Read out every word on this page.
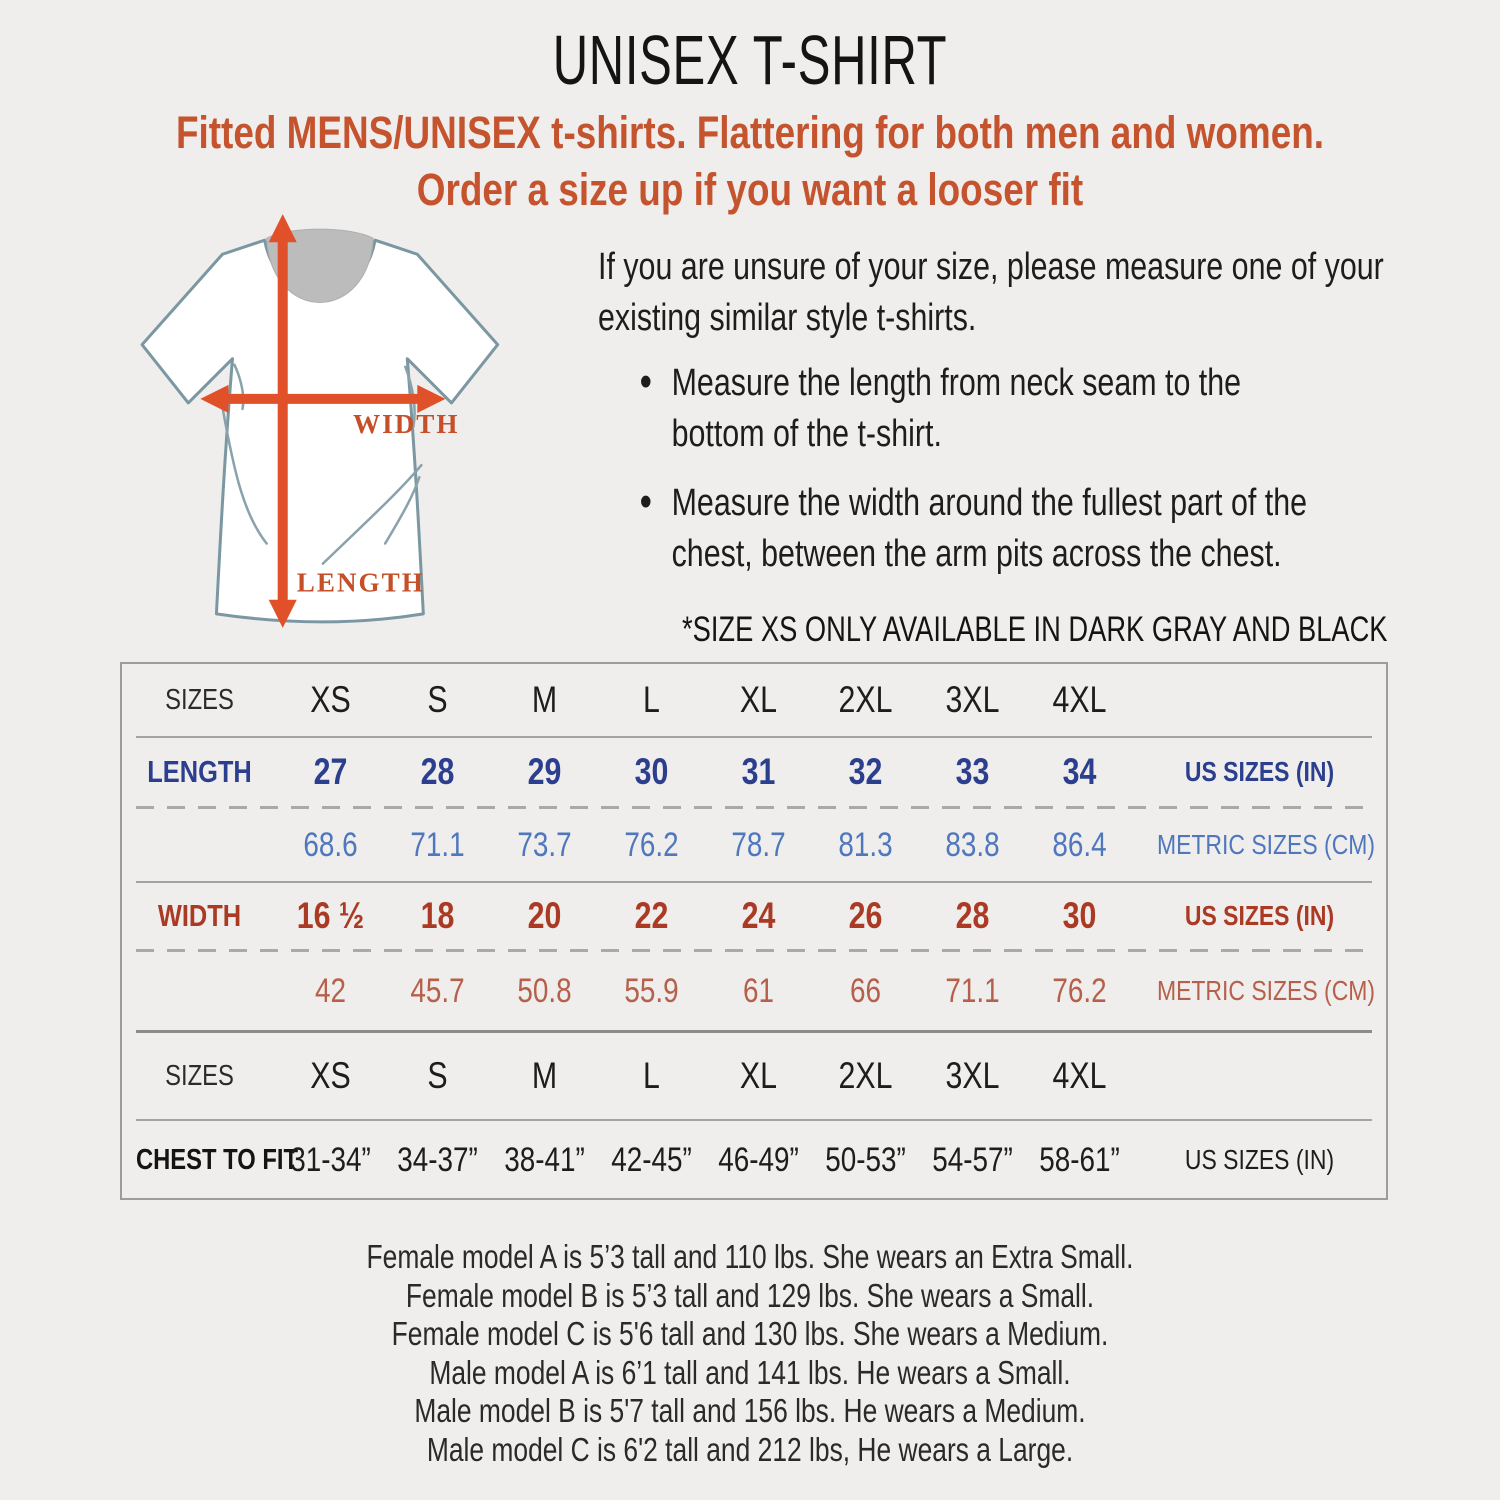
UNISEX T-SHIRT
Fitted MENS/UNISEX t-shirts. Flattering for both men and women.
Order a size up if you want a looser fit
WIDTH
LENGTH

If you are unsure of your size, please measure one of your existing similar style t-shirts.

• Measure the length from neck seam to the bottom of the t-shirt.
• Measure the width around the fullest part of the chest, between the arm pits across the chest.
*SIZE XS ONLY AVAILABLE IN DARK GRAY AND BLACK
SIZES	XS	S	M	L	XL	2XL	3XL	4XL
LENGTH	27	28	29	30	31	32	33	34	US SIZES (IN)
68.6	71.1	73.7	76.2	78.7	81.3	83.8	86.4	METRIC SIZES (CM)
WIDTH	16 ½	18	20	22	24	26	28	30	US SIZES (IN)
42	45.7	50.8	55.9	61	66	71.1	76.2	METRIC SIZES (CM)
SIZES	XS	S	M	L	XL	2XL	3XL	4XL
CHEST TO FIT
31-34” 34-37” 38-41” 42-45” 46-49” 50-53” 54-57” 58-61”	US SIZES (IN)
Female model A is 5’3 tall and 110 lbs. She wears an Extra Small.
Female model B is 5’3 tall and 129 lbs. She wears a Small.
Female model C is 5'6 tall and 130 lbs. She wears a Medium.
Male model A is 6’1 tall and 141 lbs. He wears a Small.
Male model B is 5'7 tall and 156 lbs. He wears a Medium.
Male model C is 6'2 tall and 212 lbs, He wears a Large.
